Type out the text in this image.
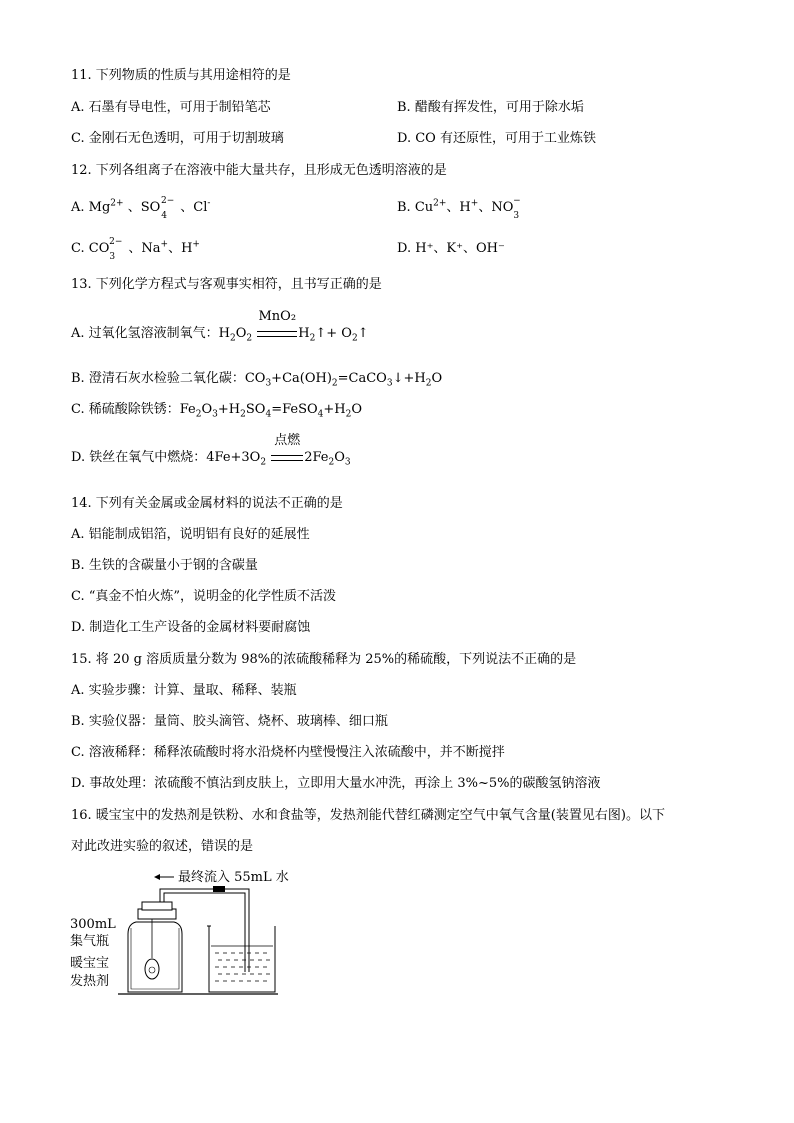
11. 下列物质的性质与其用途相符的是
A. 石墨有导电性，可用于制铅笔芯	B. 醋酸有挥发性，可用于除水垢
C. 金刚石无色透明，可用于切割玻璃	D. CO 有还原性，可用于工业炼铁
12. 下列各组离子在溶液中能大量共存，且形成无色透明溶液的是
A. $Mg^{2+}$ 、$SO_4^{2-}$ 、Cl-	B. $Cu^{2+}$、H+、$NO_3^-$
C. $CO_3^{2-}$ 、Na+、H+	D. H⁺、K⁺、OH⁻
13. 下列化学方程式与客观事实相符，且书写正确的是
A. 过氧化氢溶液制氧气：$H_2O_2$
MnO₂
$H_2↑+$ $O_2↑$
B. 澄清石灰水检验二氧化碳：$CO_3+Ca(OH)_2=CaCO_3↓+H_2O$
C. 稀硫酸除铁锈：$Fe_2O_3+H_2SO_4=FeSO_4+H_2O$
D. 铁丝在氧气中燃烧：$4Fe+3O_2$
点燃
$2Fe_2O_3$
14. 下列有关金属或金属材料的说法不正确的是
A. 铝能制成铝箔，说明铝有良好的延展性
B. 生铁的含碳量小于钢的含碳量
C. “真金不怕火炼”，说明金的化学性质不活泼
D. 制造化工生产设备的金属材料要耐腐蚀
15. 将 20 g 溶质质量分数为 98%的浓硫酸稀释为 25%的稀硫酸，下列说法不正确的是
A. 实验步骤：计算、量取、稀释、装瓶
B. 实验仪器：量筒、胶头滴管、烧杯、玻璃棒、细口瓶
C. 溶液稀释：稀释浓硫酸时将水沿烧杯内壁慢慢注入浓硫酸中，并不断搅拌
D. 事故处理：浓硫酸不慎沾到皮肤上，立即用大量水冲洗，再涂上 3%~5%的碳酸氢钠溶液
16. 暖宝宝中的发热剂是铁粉、水和食盐等，发热剂能代替红磷测定空气中氧气含量(装置见右图)。以下
对此改进实验的叙述，错误的是
最终流入 55mL 水
300mL
集气瓶
暖宝宝
发热剂
